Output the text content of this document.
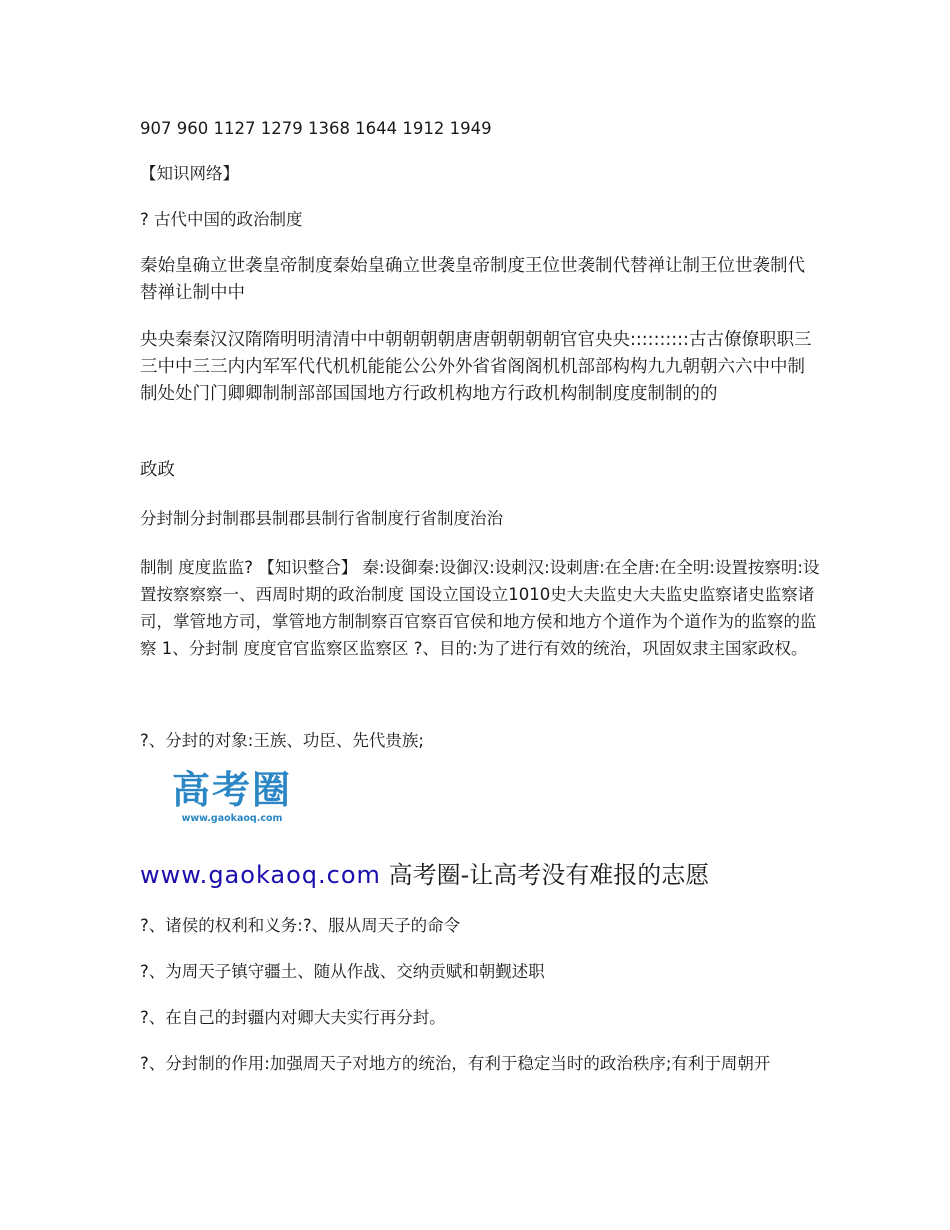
907 960 1127 1279 1368 1644 1912 1949

【知识网络】

? 古代中国的政治制度

秦始皇确立世袭皇帝制度秦始皇确立世袭皇帝制度王位世袭制代替禅让制王位世袭制代替禅让制中中

央央秦秦汉汉隋隋明明清清中中朝朝朝朝唐唐朝朝朝朝官官央央::::::::::古古僚僚职职三三中中三三内内军军代代机机能能公公外外省省阁阁机机部部构构九九朝朝六六中中制制处处门门卿卿制制部部国国地方行政机构地方行政机构制制度度制制的的

政政

分封制分封制郡县制郡县制行省制度行省制度治治

制制 度度监监? 【知识整合】 秦:设御秦:设御汉:设刺汉:设刺唐:在全唐:在全明:设置按察明:设置按察察察一、西周时期的政治制度 国设立国设立1010史大夫监史大夫监史监察诸史监察诸司，掌管地方司，掌管地方制制察百官察百官侯和地方侯和地方个道作为个道作为的监察的监察 1、分封制 度度官官监察区监察区 ?、目的:为了进行有效的统治，巩固奴隶主国家政权。

?、分封的对象:王族、功臣、先代贵族;

高考圈
www.gaokaoq.com
www.gaokaoq.com 高考圈-让高考没有难报的志愿

?、诸侯的权利和义务:?、服从周天子的命令

?、为周天子镇守疆土、随从作战、交纳贡赋和朝觐述职

?、在自己的封疆内对卿大夫实行再分封。

?、分封制的作用:加强周天子对地方的统治，有利于稳定当时的政治秩序;有利于周朝开
